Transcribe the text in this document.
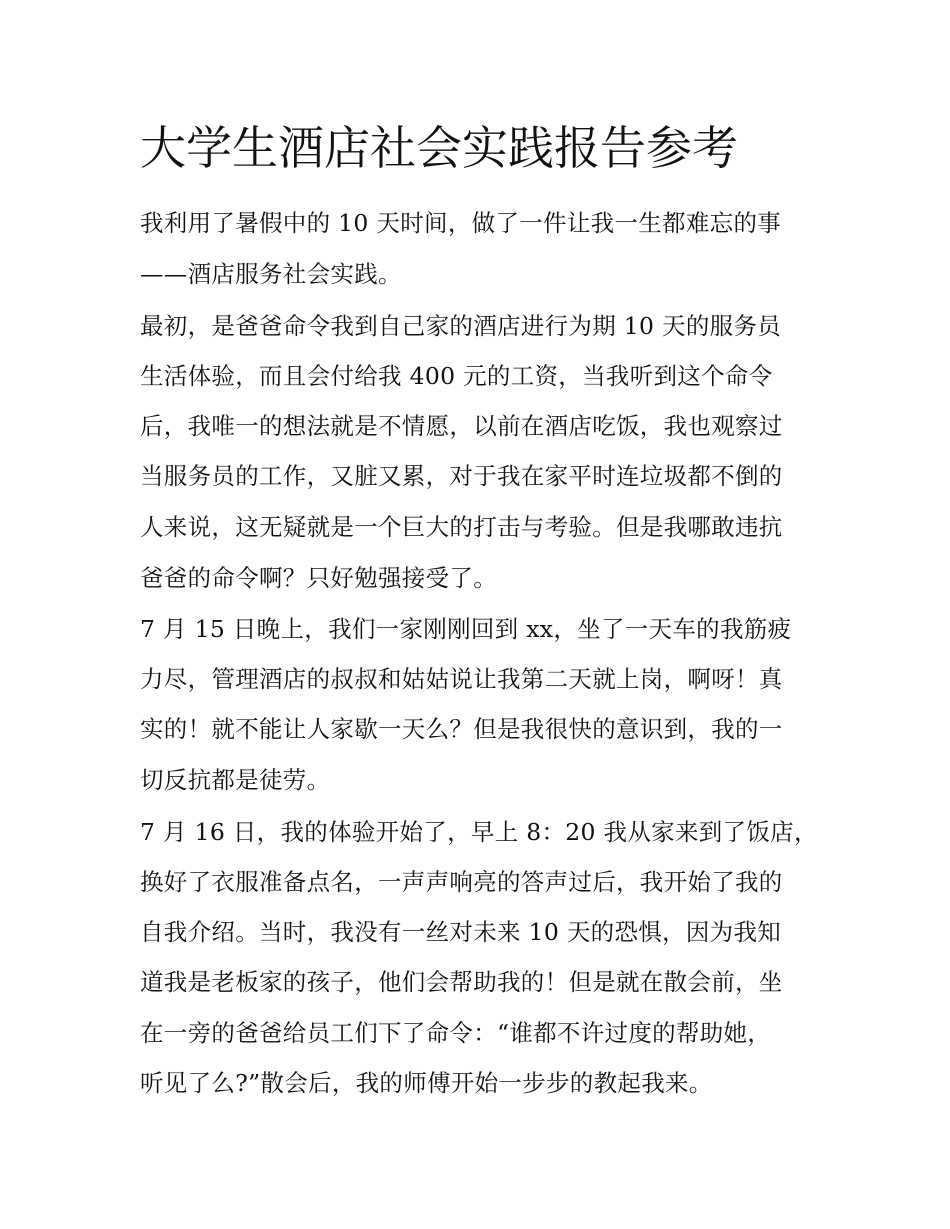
大学生酒店社会实践报告参考
我利用了暑假中的 10 天时间，做了一件让我一生都难忘的事
——酒店服务社会实践。
最初，是爸爸命令我到自己家的酒店进行为期 10 天的服务员
生活体验，而且会付给我 400 元的工资，当我听到这个命令
后，我唯一的想法就是不情愿，以前在酒店吃饭，我也观察过
当服务员的工作，又脏又累，对于我在家平时连垃圾都不倒的
人来说，这无疑就是一个巨大的打击与考验。但是我哪敢违抗
爸爸的命令啊？只好勉强接受了。
7 月 15 日晚上，我们一家刚刚回到 xx，坐了一天车的我筋疲
力尽，管理酒店的叔叔和姑姑说让我第二天就上岗，啊呀！真
实的！就不能让人家歇一天么？但是我很快的意识到，我的一
切反抗都是徒劳。
7 月 16 日，我的体验开始了，早上 8：20 我从家来到了饭店，
换好了衣服准备点名，一声声响亮的答声过后，我开始了我的
自我介绍。当时，我没有一丝对未来 10 天的恐惧，因为我知
道我是老板家的孩子，他们会帮助我的！但是就在散会前，坐
在一旁的爸爸给员工们下了命令：“谁都不许过度的帮助她，
听见了么?”散会后，我的师傅开始一步步的教起我来。
